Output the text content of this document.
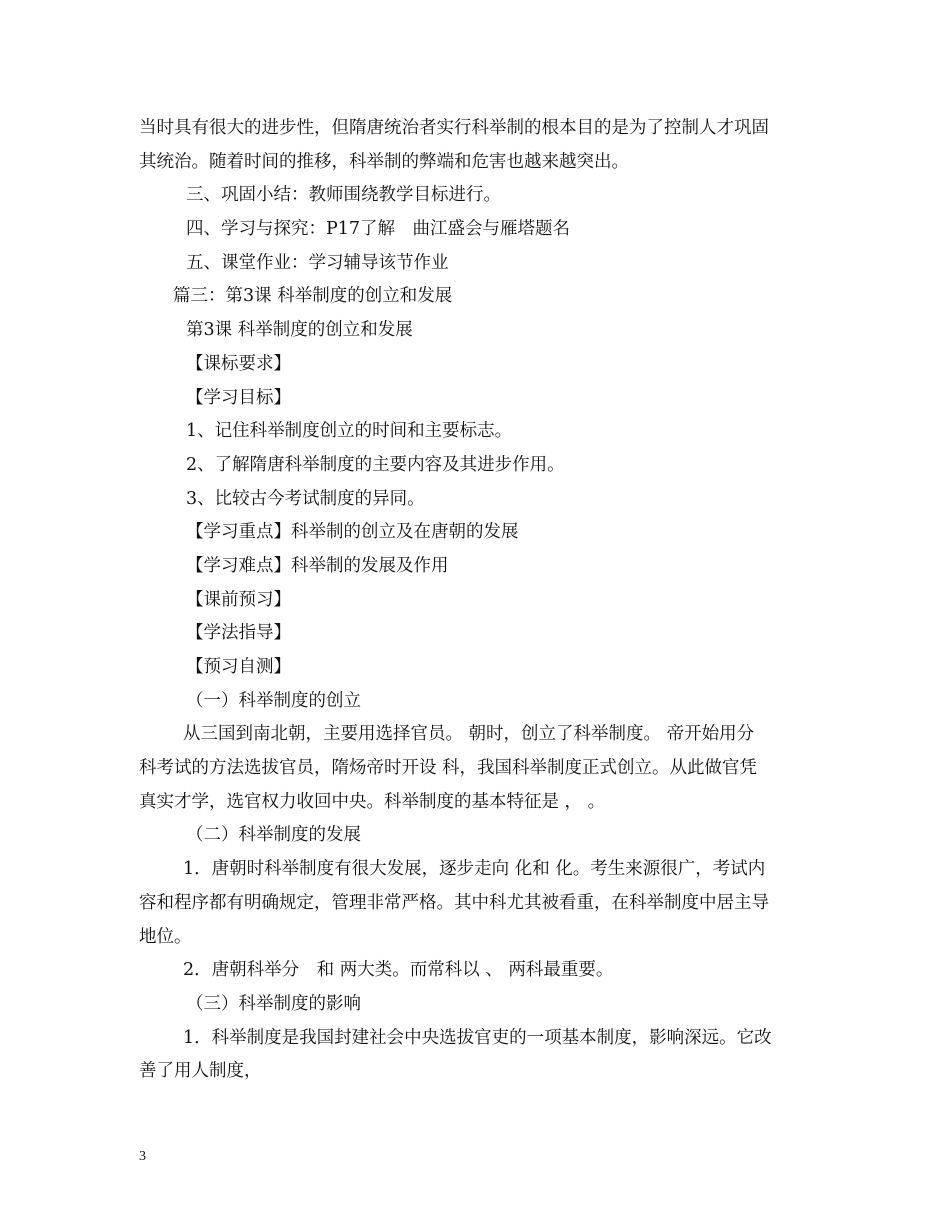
当时具有很大的进步性，但隋唐统治者实行科举制的根本目的是为了控制人才巩固
其统治。随着时间的推移，科举制的弊端和危害也越来越突出。
三、巩固小结：教师围绕教学目标进行。
四、学习与探究：P17了解　曲江盛会与雁塔题名
五、课堂作业：学习辅导该节作业
篇三：第3课 科举制度的创立和发展
第3课 科举制度的创立和发展
【课标要求】
【学习目标】
1、记住科举制度创立的时间和主要标志。
2、了解隋唐科举制度的主要内容及其进步作用。
3、比较古今考试制度的异同。
【学习重点】科举制的创立及在唐朝的发展
【学习难点】科举制的发展及作用
【课前预习】
【学法指导】
【预习自测】
（一）科举制度的创立
从三国到南北朝，主要用选择官员。 朝时，创立了科举制度。 帝开始用分
科考试的方法选拔官员，隋炀帝时开设 科，我国科举制度正式创立。从此做官凭
真实才学，选官权力收回中央。科举制度的基本特征是 ， 。
（二）科举制度的发展
1．唐朝时科举制度有很大发展，逐步走向 化和 化。考生来源很广，考试内
容和程序都有明确规定，管理非常严格。其中科尤其被看重，在科举制度中居主导
地位。
2．唐朝科举分　和 两大类。而常科以 、 两科最重要。
（三）科举制度的影响
1．科举制度是我国封建社会中央选拔官吏的一项基本制度，影响深远。它改
善了用人制度，
3
